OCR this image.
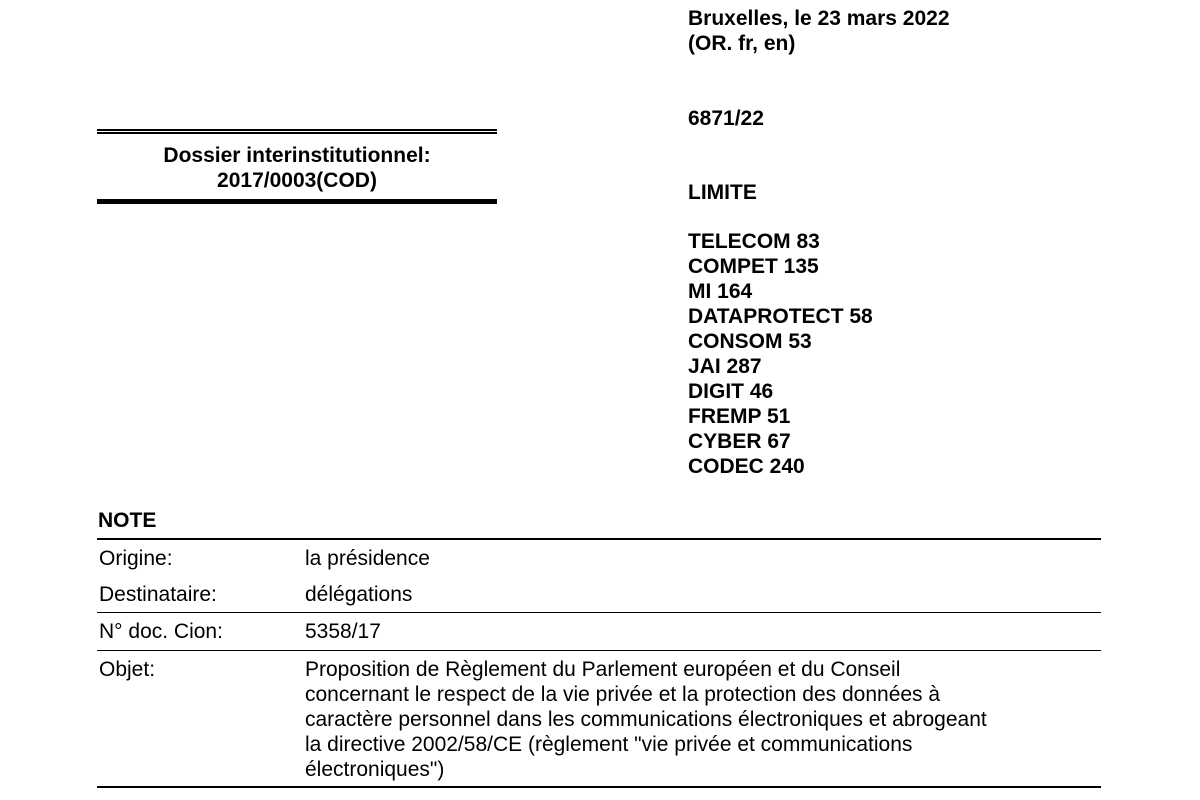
Bruxelles, le 23 mars 2022
(OR. fr, en)
6871/22
Dossier interinstitutionnel:
2017/0003(COD)
LIMITE
TELECOM 83
COMPET 135
MI 164
DATAPROTECT 58
CONSOM 53
JAI 287
DIGIT 46
FREMP 51
CYBER 67
CODEC 240
NOTE
Origine:	la présidence
Destinataire:	délégations
N° doc. Cion:	5358/17
Objet:	Proposition de Règlement du Parlement européen et du Conseil
concernant le respect de la vie privée et la protection des données à
caractère personnel dans les communications électroniques et abrogeant
la directive 2002/58/CE (règlement "vie privée et communications
électroniques")
